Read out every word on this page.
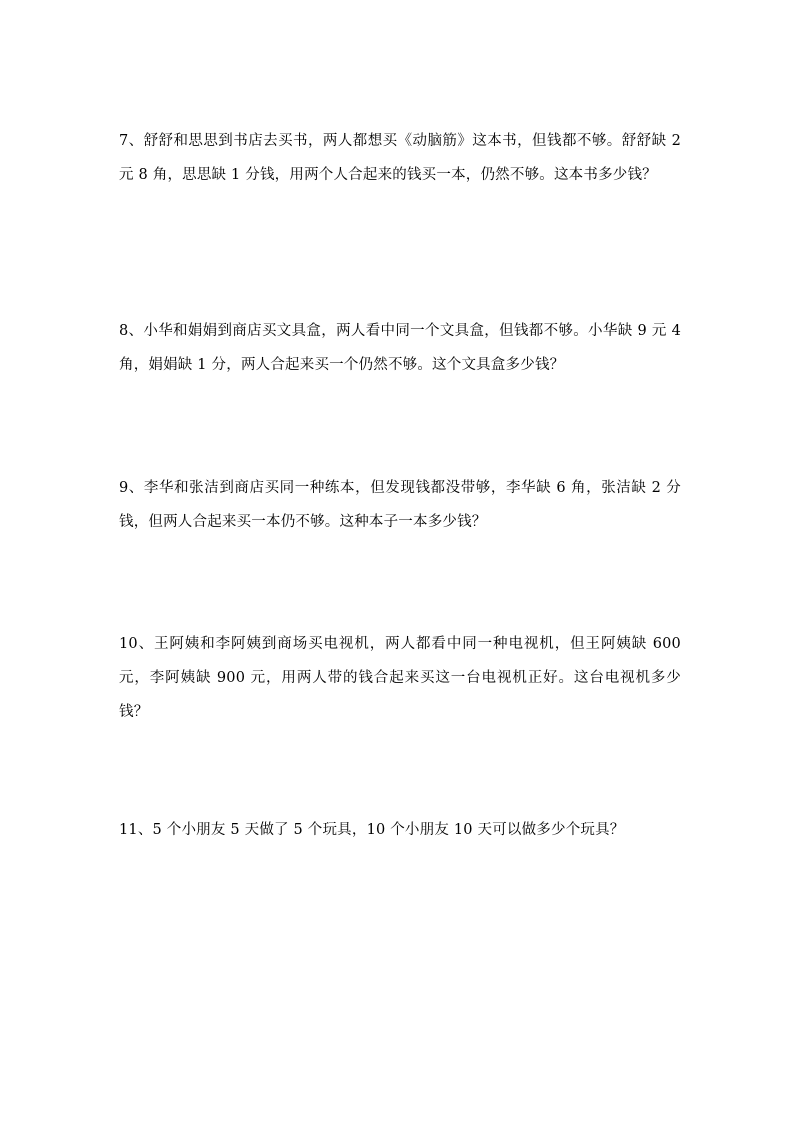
7、舒舒和思思到书店去买书，两人都想买《动脑筋》这本书，但钱都不够。舒舒缺 2 元 8 角，思思缺 1 分钱，用两个人合起来的钱买一本，仍然不够。这本书多少钱？

8、小华和娟娟到商店买文具盒，两人看中同一个文具盒，但钱都不够。小华缺 9 元 4 角，娟娟缺 1 分，两人合起来买一个仍然不够。这个文具盒多少钱？

9、李华和张洁到商店买同一种练本，但发现钱都没带够，李华缺 6 角，张洁缺 2 分钱，但两人合起来买一本仍不够。这种本子一本多少钱？

10、王阿姨和李阿姨到商场买电视机，两人都看中同一种电视机，但王阿姨缺 600 元，李阿姨缺 900 元，用两人带的钱合起来买这一台电视机正好。这台电视机多少钱？

11、5 个小朋友 5 天做了 5 个玩具，10 个小朋友 10 天可以做多少个玩具？
